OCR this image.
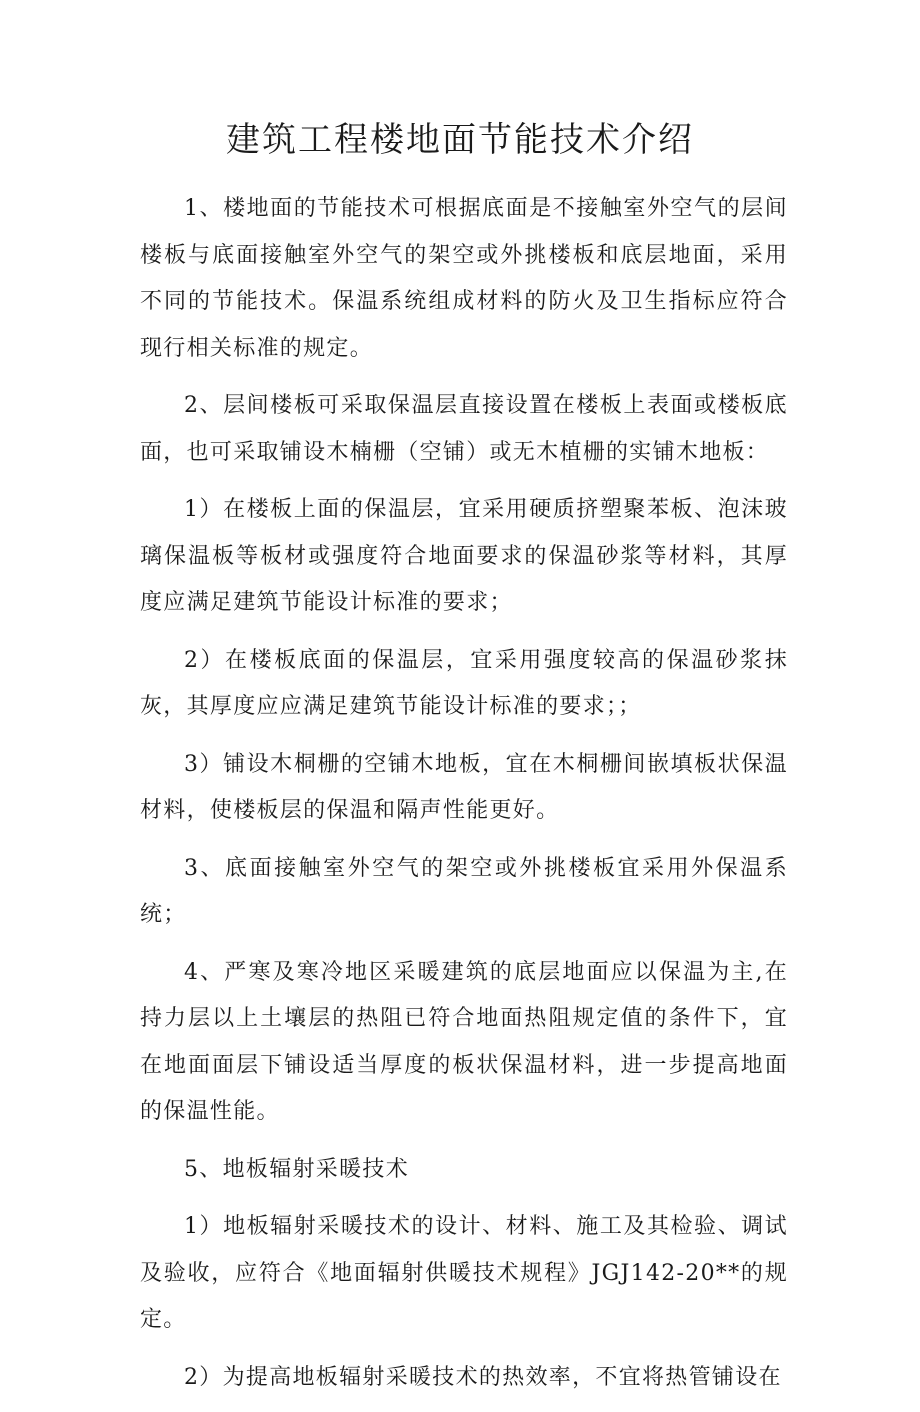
建筑工程楼地面节能技术介绍

1、楼地面的节能技术可根据底面是不接触室外空气的层间楼板与底面接触室外空气的架空或外挑楼板和底层地面，采用不同的节能技术。保温系统组成材料的防火及卫生指标应符合现行相关标准的规定。

2、层间楼板可采取保温层直接设置在楼板上表面或楼板底面，也可采取铺设木楠栅（空铺）或无木植栅的实铺木地板：

1）在楼板上面的保温层，宜采用硬质挤塑聚苯板、泡沫玻璃保温板等板材或强度符合地面要求的保温砂浆等材料，其厚度应满足建筑节能设计标准的要求；

2）在楼板底面的保温层，宜采用强度较高的保温砂浆抹灰，其厚度应应满足建筑节能设计标准的要求；；

3）铺设木桐栅的空铺木地板，宜在木桐栅间嵌填板状保温材料，使楼板层的保温和隔声性能更好。

3、底面接触室外空气的架空或外挑楼板宜采用外保温系统；

4、严寒及寒冷地区采暖建筑的底层地面应以保温为主,在持力层以上土壤层的热阻已符合地面热阻规定值的条件下，宜在地面面层下铺设适当厚度的板状保温材料，进一步提高地面的保温性能。

5、地板辐射采暖技术

1）地板辐射采暖技术的设计、材料、施工及其检验、调试及验收，应符合《地面辐射供暖技术规程》JGJ142-20**的规定。

2）为提高地板辐射采暖技术的热效率，不宜将热管铺设在
